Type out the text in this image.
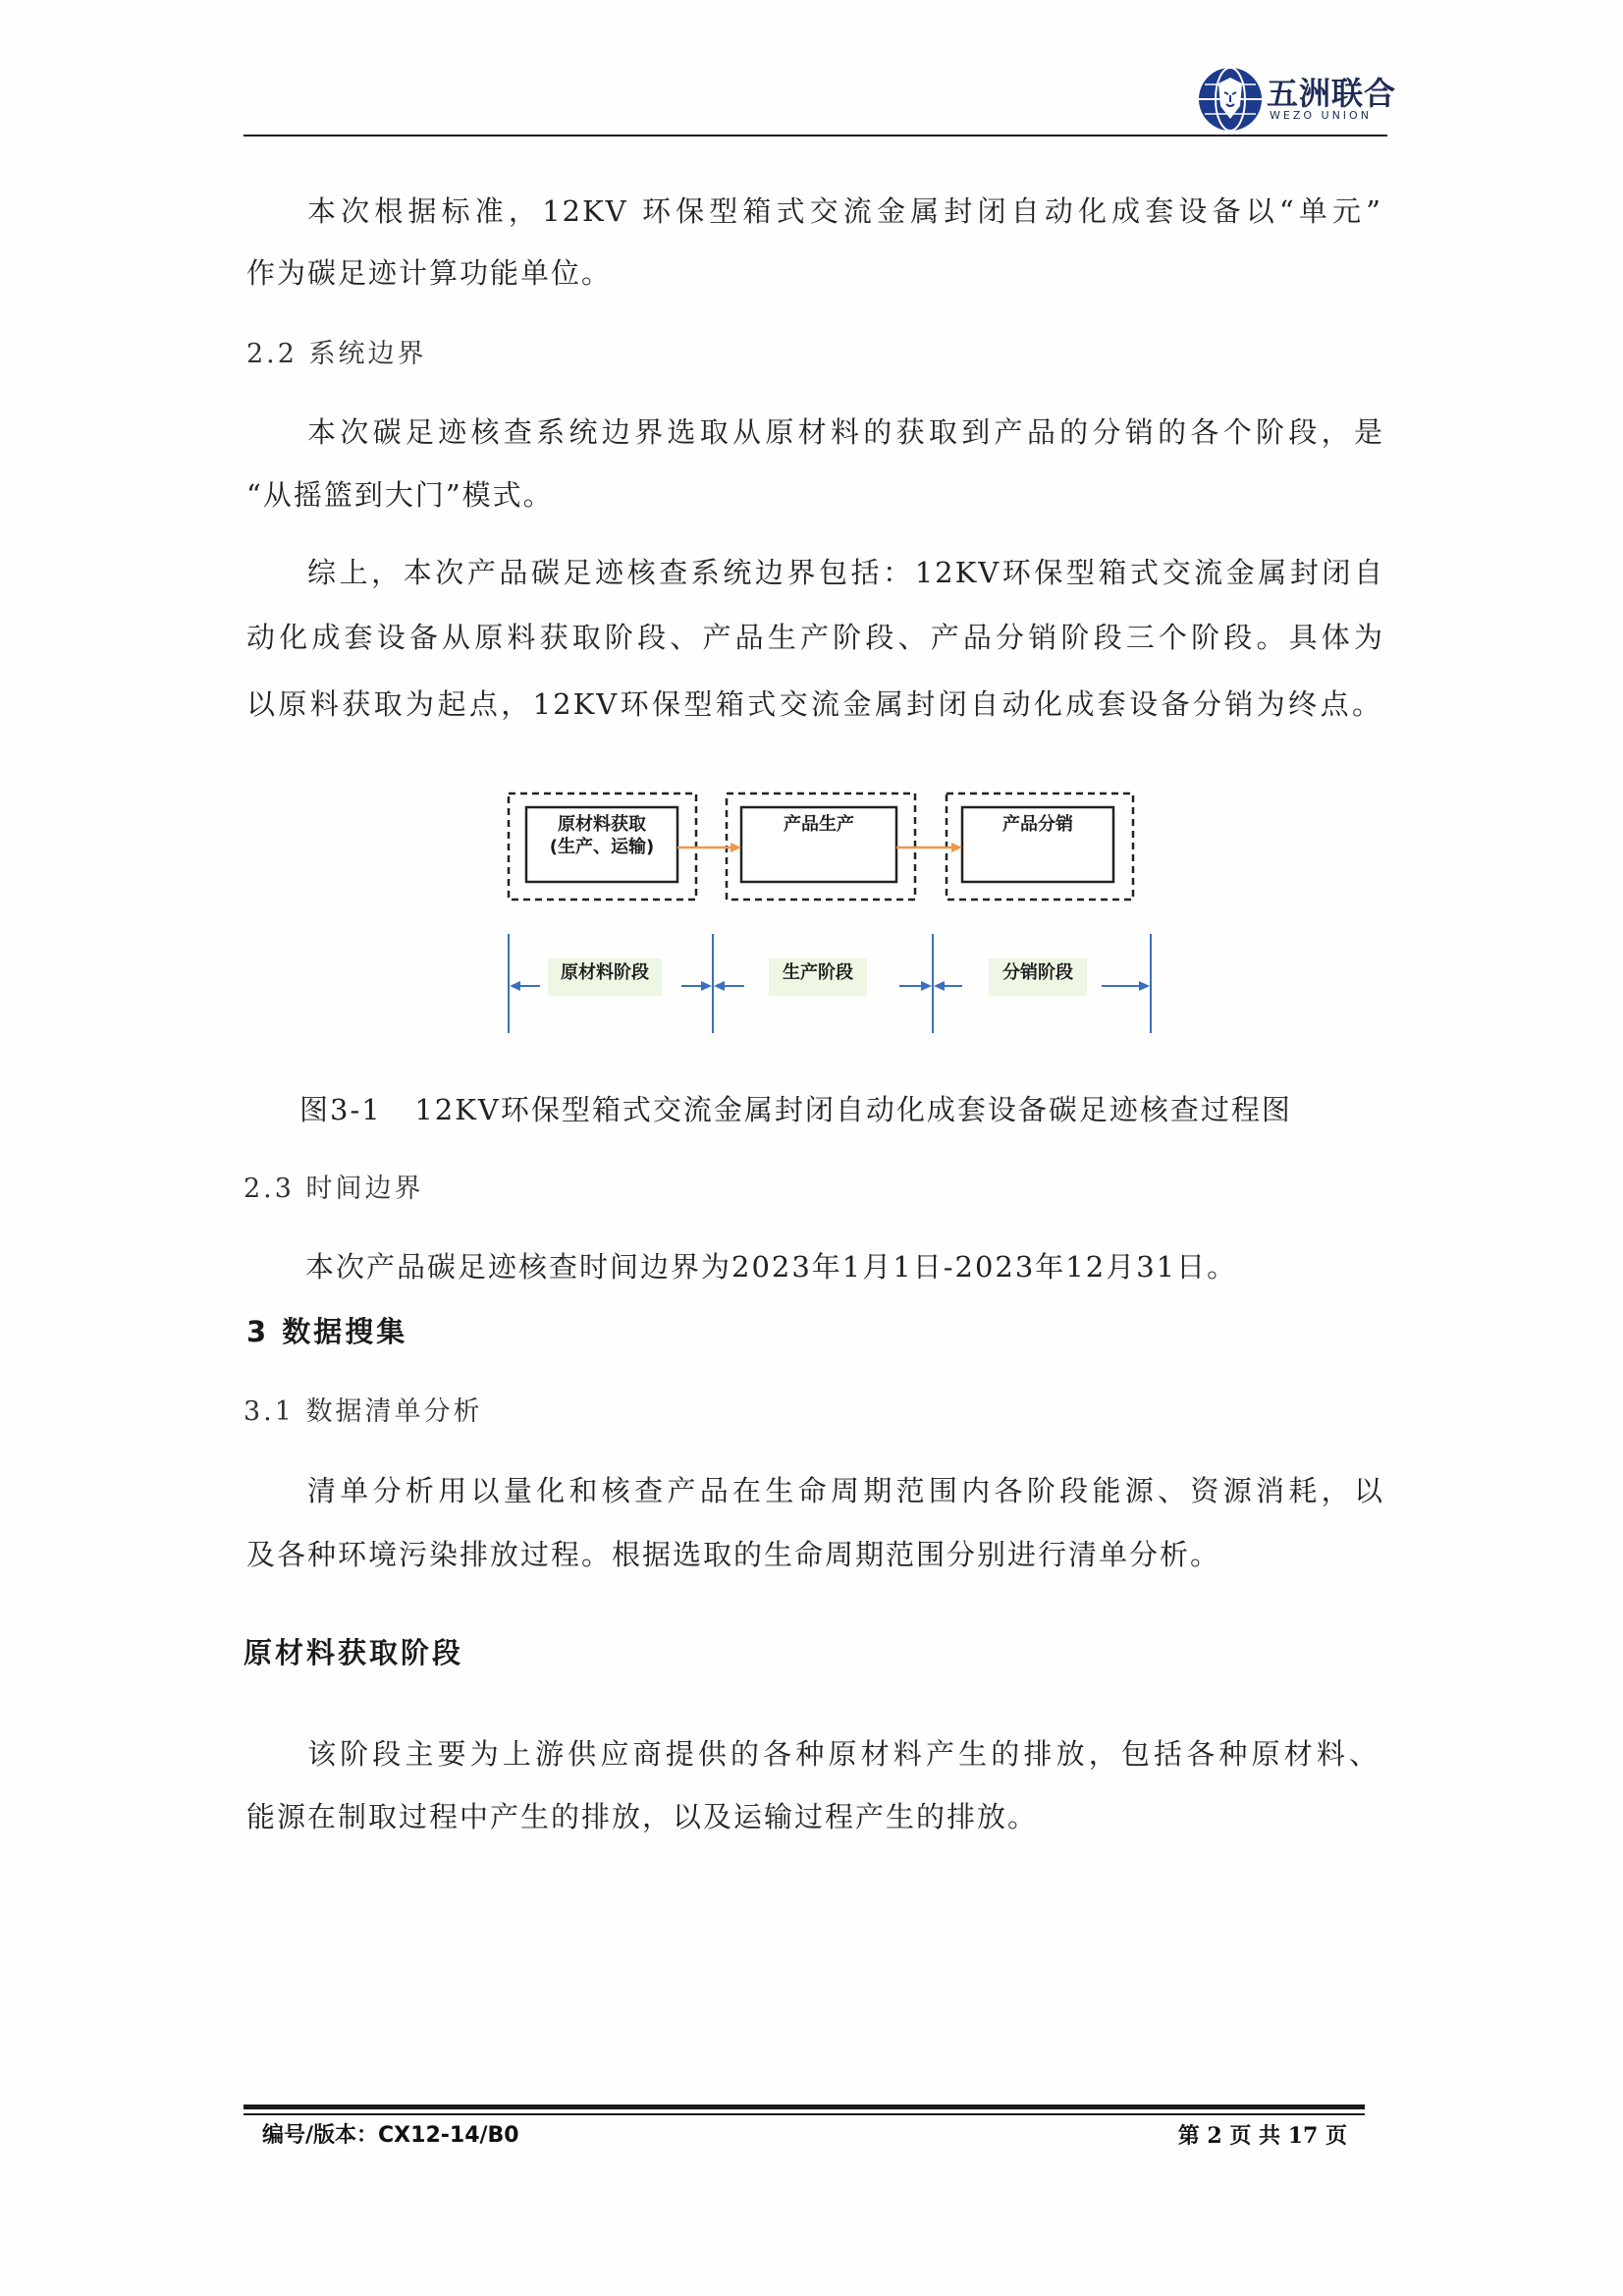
五洲联合
WEZO UNION
本次根据标准，12KV 环保型箱式交流金属封闭自动化成套设备以“单元”
作为碳足迹计算功能单位。
2.2 系统边界
本次碳足迹核查系统边界选取从原材料的获取到产品的分销的各个阶段，是
“从摇篮到大门”模式。
综上，本次产品碳足迹核查系统边界包括：12KV环保型箱式交流金属封闭自
动化成套设备从原料获取阶段、产品生产阶段、产品分销阶段三个阶段。具体为
以原料获取为起点，12KV环保型箱式交流金属封闭自动化成套设备分销为终点。
原材料获取
(生产、运输)
产品生产	产品分销
原材料阶段	生产阶段	分销阶段
图3-1   12KV环保型箱式交流金属封闭自动化成套设备碳足迹核查过程图
2.3 时间边界
本次产品碳足迹核查时间边界为2023年1月1日-2023年12月31日。
3 数据搜集
3.1 数据清单分析
清单分析用以量化和核查产品在生命周期范围内各阶段能源、资源消耗，以
及各种环境污染排放过程。根据选取的生命周期范围分别进行清单分析。
原材料获取阶段
该阶段主要为上游供应商提供的各种原材料产生的排放，包括各种原材料、
能源在制取过程中产生的排放，以及运输过程产生的排放。
编号/版本：CX12-14/B0	第 2 页 共 17 页
